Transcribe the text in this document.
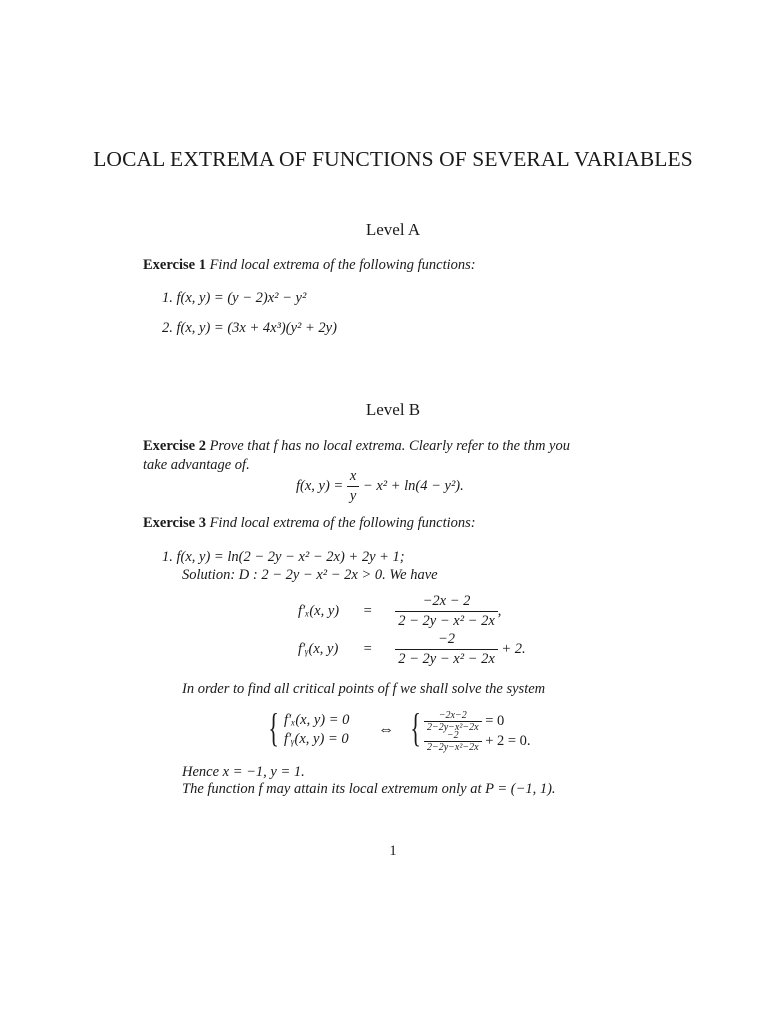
LOCAL EXTREMA OF FUNCTIONS OF SEVERAL VARIABLES
Level A
Exercise 1 Find local extrema of the following functions:
1. f(x, y) = (y − 2)x² − y²
2. f(x, y) = (3x + 4x³)(y² + 2y)
Level B
Exercise 2 Prove that f has no local extrema. Clearly refer to the thm you
take advantage of.
f(x, $y) = \frac{x}{y} - x^2 + \ln(4 - y^2)$.
Exercise 3 Find local extrema of the following functions:
1. f(x, y) = ln(2 − 2y − x² − 2x) + 2y + 1;
Solution: D : 2 − 2y − x² − 2x > 0. We have
f′ₓ(x, $y) = \frac{-2x - 2}{\text{2 − 2y − x² − 2x}}$ ,
f′ᵧ(x, $y) = \frac{-2}{\text{2 − 2y − x² − 2x}} + 2$.
In order to find all critical points of f we shall solve the system
{ f′ₓ(x, y) = 0
f′ᵧ(x, y) = 0
⇔ { $\frac{-2x-2}{\text{2−2y−x²−2x}} = 0$
$\frac{-2}{\text{2−2y−x²−2x}} + 2 = 0$.
Hence x = −1, y = 1.
The function f may attain its local extremum only at P = (−1, 1).
1
